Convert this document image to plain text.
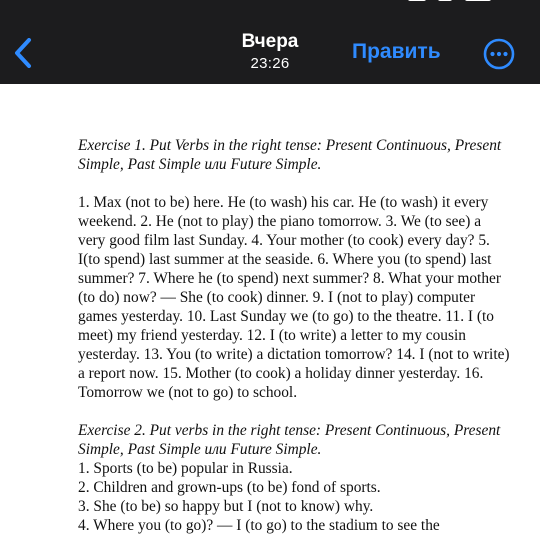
Вчера
23:26
Править

Exercise 1. Put Verbs in the right tense: Present Continuous, Present Simple, Past Simple или Future Simple.

1. Max (not to be) here. He (to wash) his car. He (to wash) it every weekend. 2. He (not to play) the piano tomorrow. 3. We (to see) a very good film last Sunday. 4. Your mother (to cook) every day? 5. I(to spend) last summer at the seaside. 6. Where you (to spend) last summer? 7. Where he (to spend) next summer? 8. What your mother (to do) now? — She (to cook) dinner. 9. I (not to play) computer games yesterday. 10. Last Sunday we (to go) to the theatre. 11. I (to meet) my friend yesterday. 12. I (to write) a letter to my cousin yesterday. 13. You (to write) a dictation tomorrow? 14. I (not to write) a report now. 15. Mother (to cook) a holiday dinner yesterday. 16. Tomorrow we (not to go) to school.

Exercise 2. Put verbs in the right tense: Present Continuous, Present Simple, Past Simple или Future Simple.

1. Sports (to be) popular in Russia.
2. Children and grown-ups (to be) fond of sports.
3. She (to be) so happy but I (not to know) why.
4. Where you (to go)? — I (to go) to the stadium to see the
